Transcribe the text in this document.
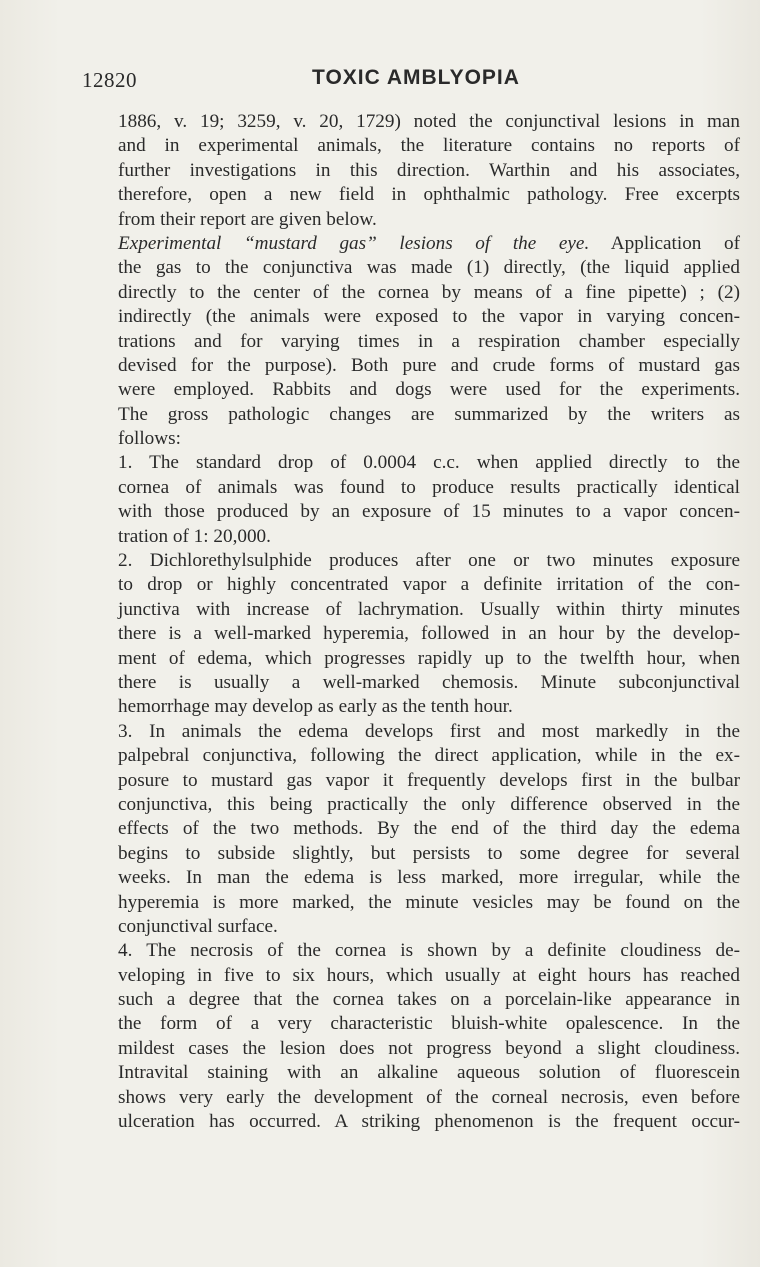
12820	TOXIC AMBLYOPIA
1886, v. 19; 3259, v. 20, 1729) noted the conjunctival lesions in man
and in experimental animals, the literature contains no reports of
further investigations in this direction. Warthin and his associates,
therefore, open a new field in ophthalmic pathology. Free excerpts
from their report are given below.
Experimental “mustard gas” lesions of the eye. Application of
the gas to the conjunctiva was made (1) directly, (the liquid applied
directly to the center of the cornea by means of a fine pipette) ; (2)
indirectly (the animals were exposed to the vapor in varying concen-
trations and for varying times in a respiration chamber especially
devised for the purpose). Both pure and crude forms of mustard gas
were employed. Rabbits and dogs were used for the experiments.
The gross pathologic changes are summarized by the writers as
follows:
1. The standard drop of 0.0004 c.c. when applied directly to the
cornea of animals was found to produce results practically identical
with those produced by an exposure of 15 minutes to a vapor concen-
tration of 1: 20,000.
2. Dichlorethylsulphide produces after one or two minutes exposure
to drop or highly concentrated vapor a definite irritation of the con-
junctiva with increase of lachrymation. Usually within thirty minutes
there is a well-marked hyperemia, followed in an hour by the develop-
ment of edema, which progresses rapidly up to the twelfth hour, when
there is usually a well-marked chemosis. Minute subconjunctival
hemorrhage may develop as early as the tenth hour.
3. In animals the edema develops first and most markedly in the
palpebral conjunctiva, following the direct application, while in the ex-
posure to mustard gas vapor it frequently develops first in the bulbar
conjunctiva, this being practically the only difference observed in the
effects of the two methods. By the end of the third day the edema
begins to subside slightly, but persists to some degree for several
weeks. In man the edema is less marked, more irregular, while the
hyperemia is more marked, the minute vesicles may be found on the
conjunctival surface.
4. The necrosis of the cornea is shown by a definite cloudiness de-
veloping in five to six hours, which usually at eight hours has reached
such a degree that the cornea takes on a porcelain-like appearance in
the form of a very characteristic bluish-white opalescence. In the
mildest cases the lesion does not progress beyond a slight cloudiness.
Intravital staining with an alkaline aqueous solution of fluorescein
shows very early the development of the corneal necrosis, even before
ulceration has occurred. A striking phenomenon is the frequent occur-
